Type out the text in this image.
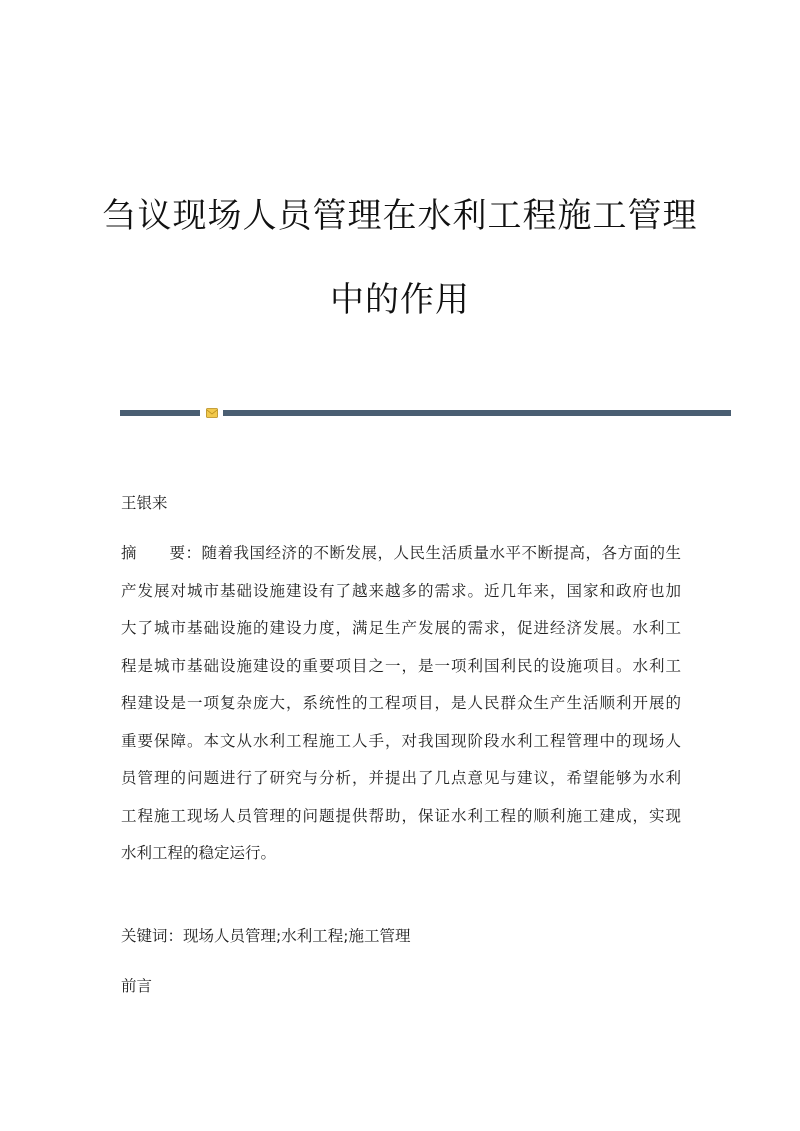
刍议现场人员管理在水利工程施工管理
中的作用
王银来
摘 要：随着我国经济的不断发展，人民生活质量水平不断提高，各方面的生
产发展对城市基础设施建设有了越来越多的需求。近几年来，国家和政府也加
大了城市基础设施的建设力度，满足生产发展的需求，促进经济发展。水利工
程是城市基础设施建设的重要项目之一，是一项利国利民的设施项目。水利工
程建设是一项复杂庞大，系统性的工程项目，是人民群众生产生活顺利开展的
重要保障。本文从水利工程施工人手，对我国现阶段水利工程管理中的现场人
员管理的问题进行了研究与分析，并提出了几点意见与建议，希望能够为水利
工程施工现场人员管理的问题提供帮助，保证水利工程的顺利施工建成，实现
水利工程的稳定运行。
关键词：现场人员管理;水利工程;施工管理
前言
